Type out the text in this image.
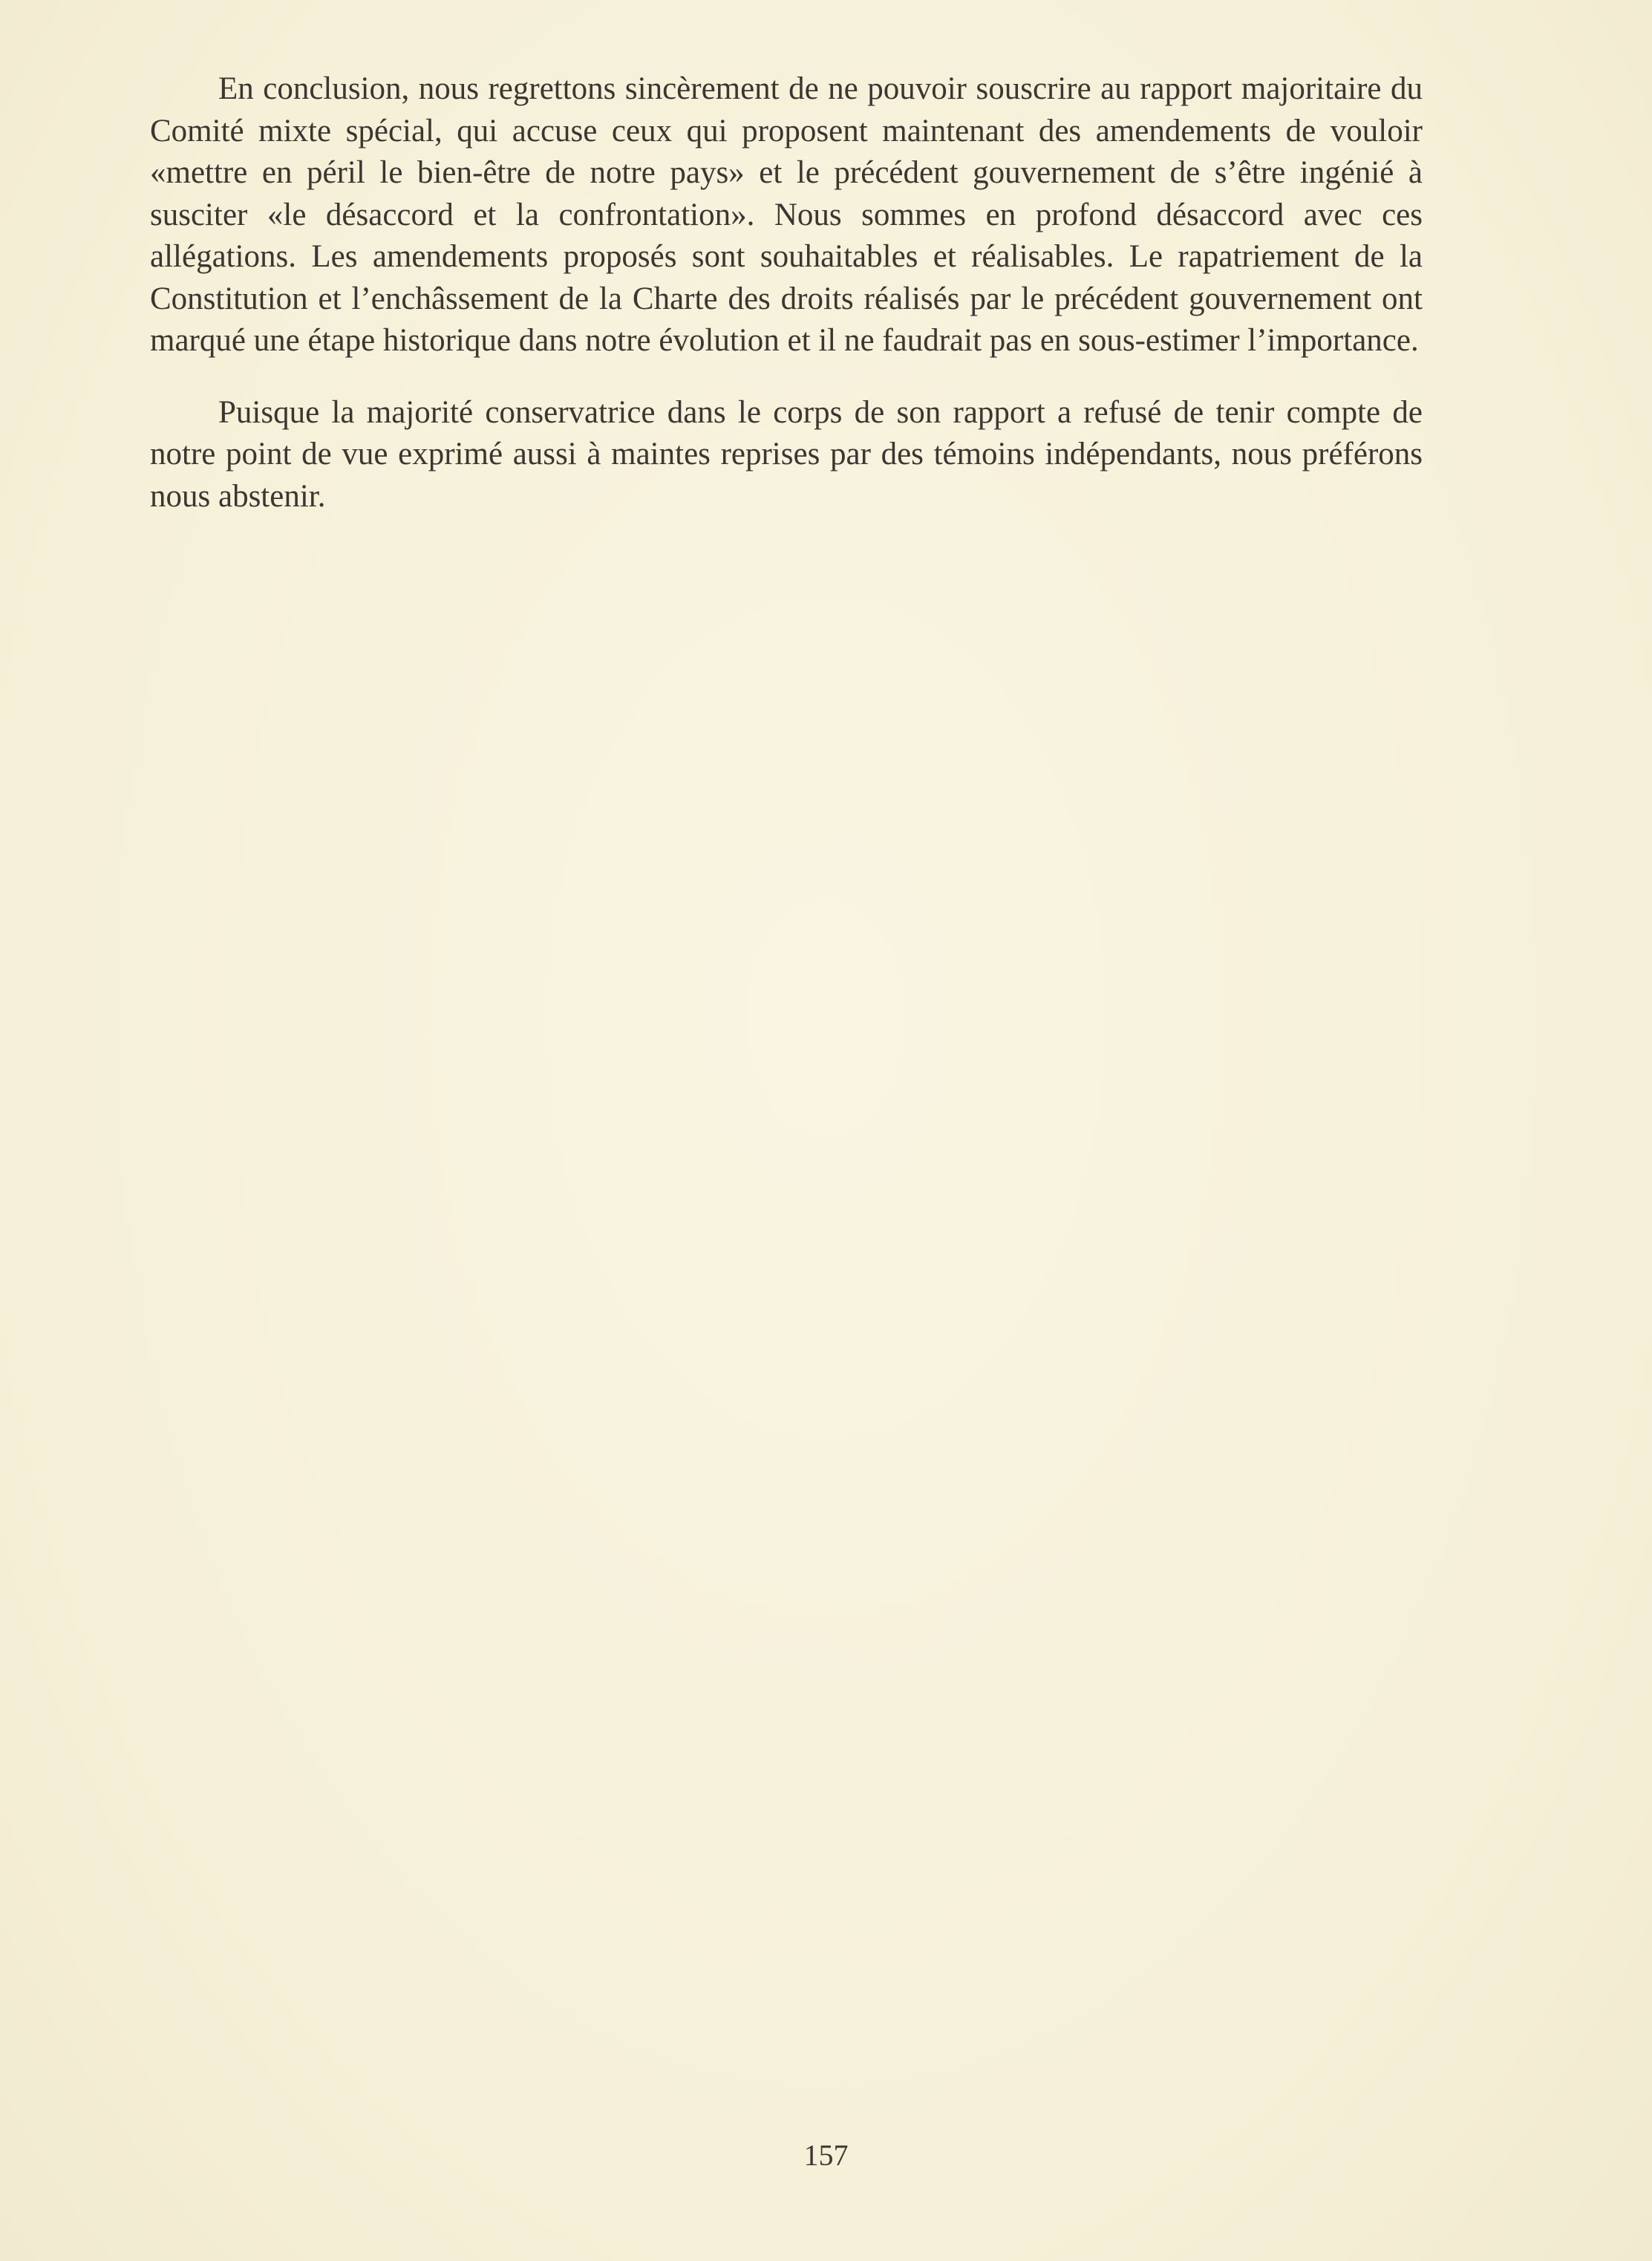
En conclusion, nous regrettons sincèrement de ne pouvoir souscrire au rapport majoritaire du Comité mixte spécial, qui accuse ceux qui proposent maintenant des amendements de vouloir «mettre en péril le bien-être de notre pays» et le précédent gouvernement de s’être ingénié à susciter «le désaccord et la confrontation». Nous sommes en profond désaccord avec ces allégations. Les amendements proposés sont souhaitables et réalisables. Le rapatriement de la Constitution et l’enchâssement de la Charte des droits réalisés par le précédent gouvernement ont marqué une étape historique dans notre évolution et il ne faudrait pas en sous-estimer l’importance.

Puisque la majorité conservatrice dans le corps de son rapport a refusé de tenir compte de notre point de vue exprimé aussi à maintes reprises par des témoins indépendants, nous préférons nous abstenir.

157
